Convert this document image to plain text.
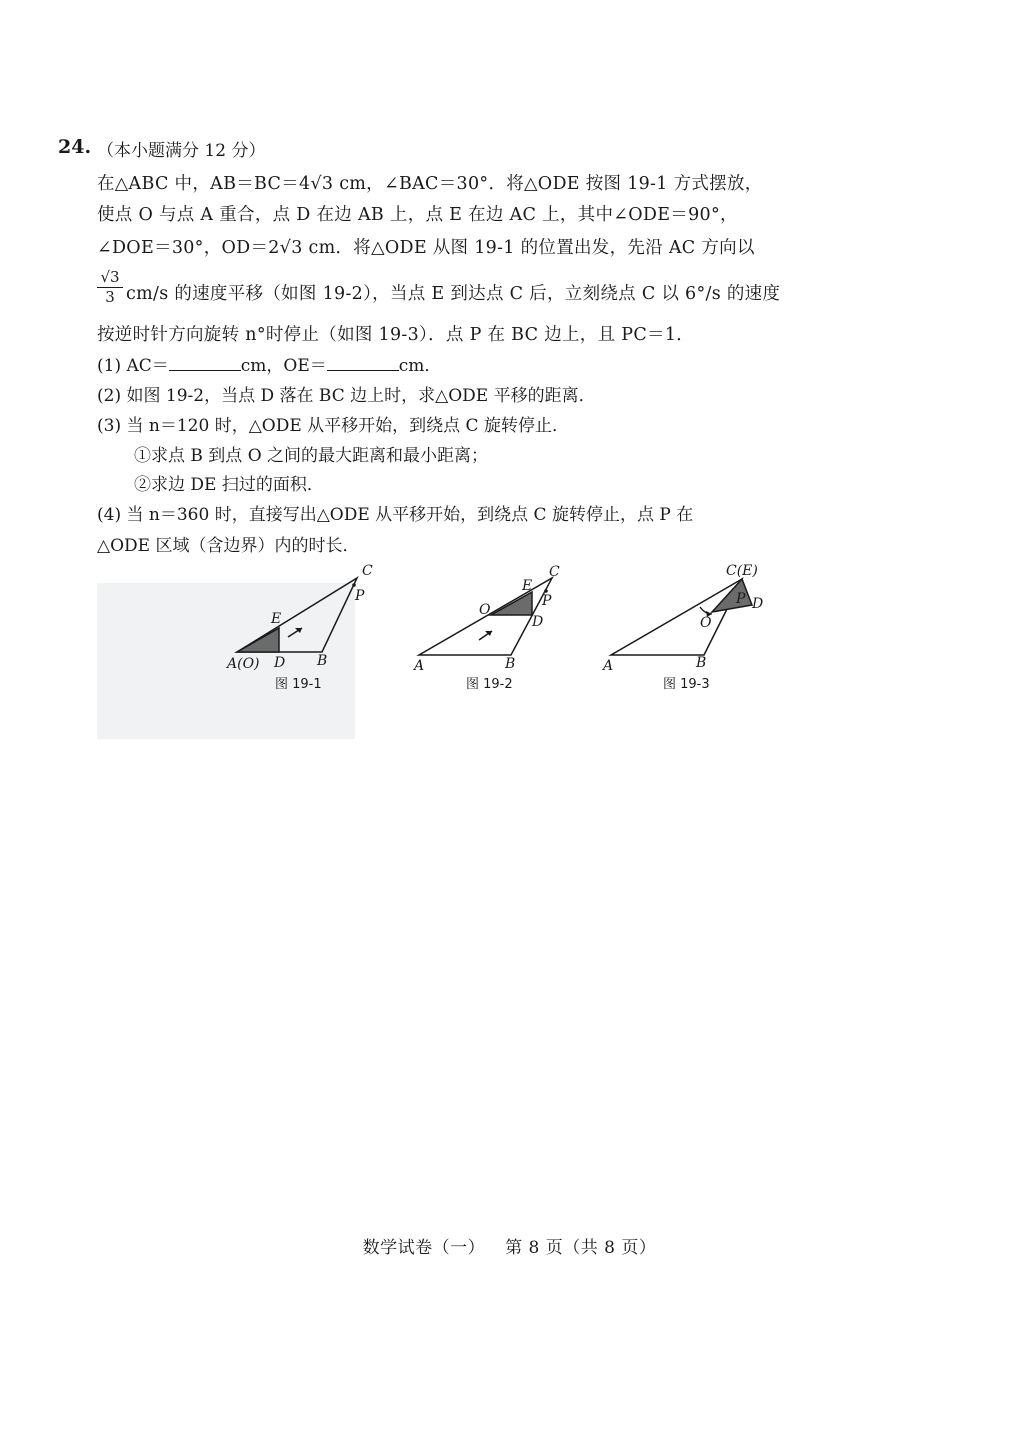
24. （本小题满分 12 分）
在△ABC 中，AB＝BC＝4√3 cm，∠BAC＝30°．将△ODE 按图 19-1 方式摆放，
使点 O 与点 A 重合，点 D 在边 AB 上，点 E 在边 AC 上，其中∠ODE＝90°，
∠DOE＝30°，OD＝2√3 cm．将△ODE 从图 19-1 的位置出发，先沿 AC 方向以
$\frac{√3}{3} cm/s$ 的速度平移（如图 19-2），当点 E 到达点 C 后，立刻绕点 C 以 6°/s 的速度
按逆时针方向旋转 n°时停止（如图 19-3）．点 P 在 BC 边上，且 PC＝1．
(1) AC＝	cm，OE＝	cm．
(2) 如图 19-2，当点 D 落在 BC 边上时，求△ODE 平移的距离．
(3) 当 n＝120 时，△ODE 从平移开始，到绕点 C 旋转停止．
①求点 B 到点 O 之间的最大距离和最小距离；
②求边 DE 扫过的面积．
(4) 当 n＝360 时，直接写出△ODE 从平移开始，到绕点 C 旋转停止，点 P 在
△ODE 区域（含边界）内的时长．
A(O) D B
E
C
P
图 19-1
A	B
O
E
D
C
P
图 19-2
A	B
O
C(E)
P D
图 19-3
数学试卷（一） 第 8 页（共 8 页）
